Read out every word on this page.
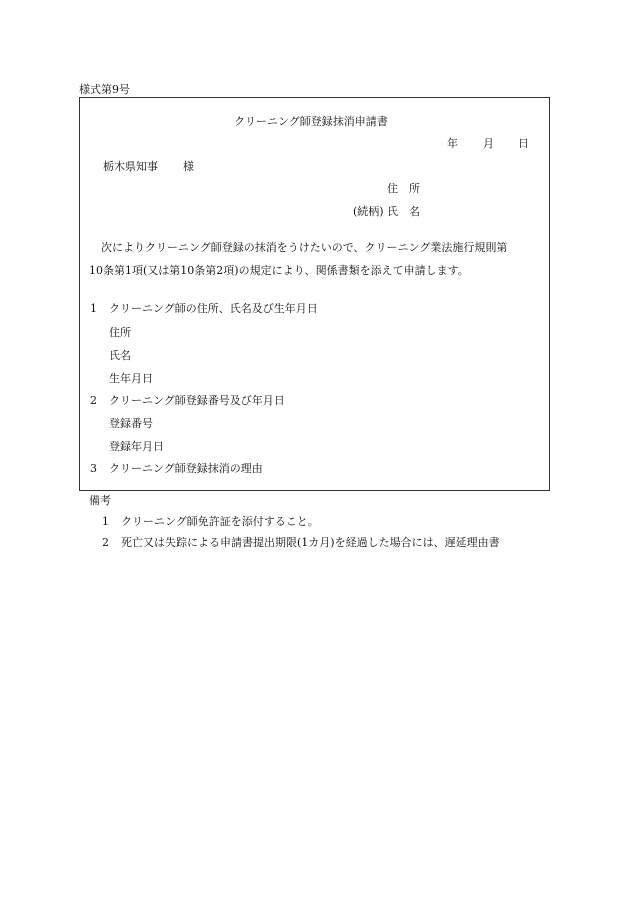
様式第9号
クリーニング師登録抹消申請書
年 月 日
栃木県知事 様
住　所
(続柄) 氏　名
次によりクリーニング師登録の抹消をうけたいので、クリーニング業法施行規則第
10条第1項(又は第10条第2項)の規定により、関係書類を添えて申請します。
1 クリーニング師の住所、氏名及び生年月日
住所
氏名
生年月日
2 クリーニング師登録番号及び年月日
登録番号
登録年月日
3 クリーニング師登録抹消の理由
備考
1 クリーニング師免許証を添付すること。
2 死亡又は失踪による申請書提出期限(1カ月)を経過した場合には、遅延理由書
